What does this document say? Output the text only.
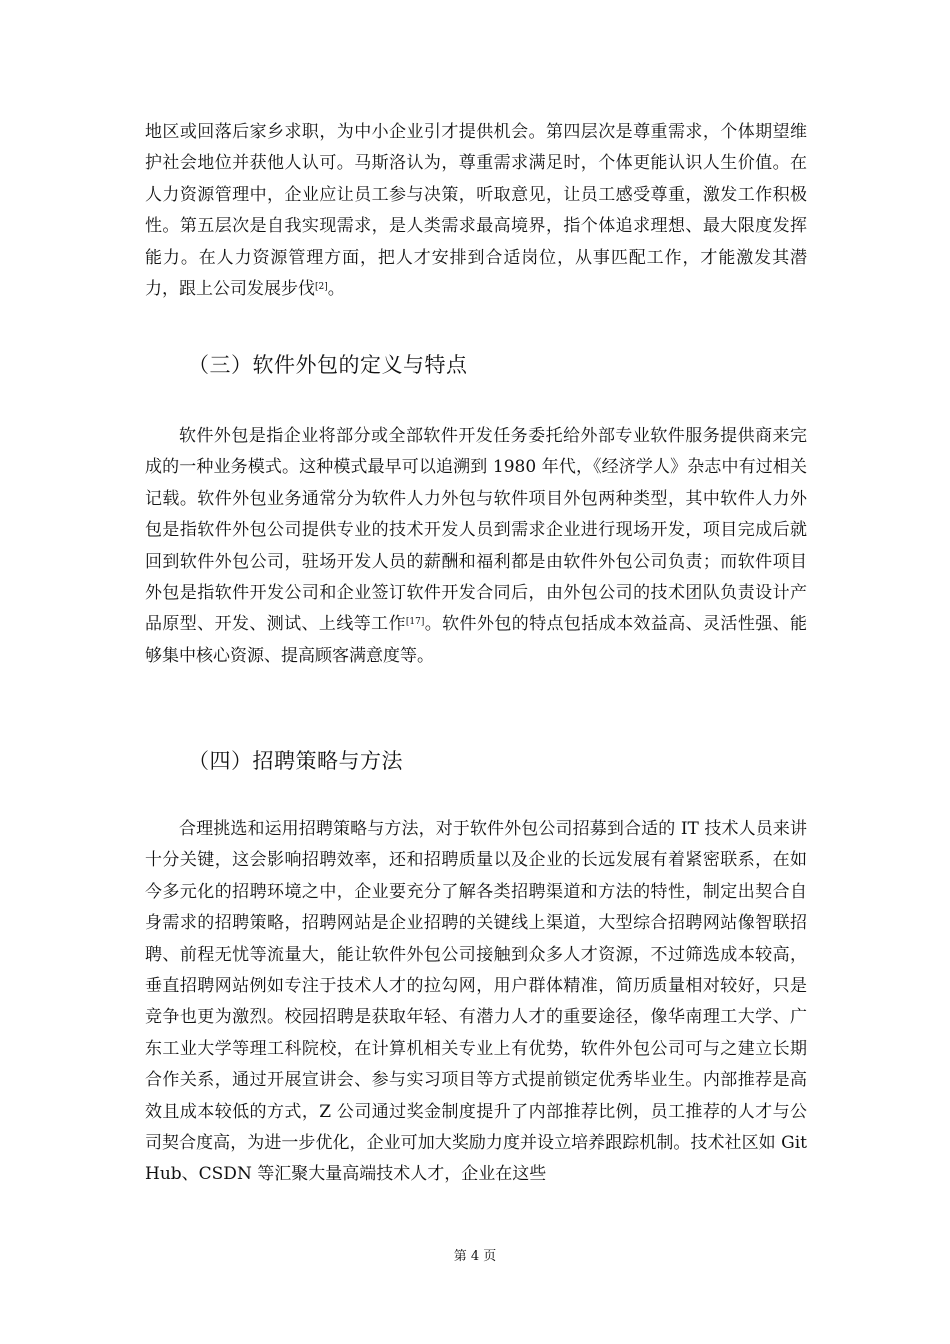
地区或回落后家乡求职，为中小企业引才提供机会。第四层次是尊重需求，个体期望维护社会地位并获他人认可。马斯洛认为，尊重需求满足时，个体更能认识人生价值。在人力资源管理中，企业应让员工参与决策，听取意见，让员工感受尊重，激发工作积极性。第五层次是自我实现需求，是人类需求最高境界，指个体追求理想、最大限度发挥能力。在人力资源管理方面，把人才安排到合适岗位，从事匹配工作，才能激发其潜力，跟上公司发展步伐[2]。

（三）软件外包的定义与特点

软件外包是指企业将部分或全部软件开发任务委托给外部专业软件服务提供商来完成的一种业务模式。这种模式最早可以追溯到 1980 年代，《经济学人》杂志中有过相关记载。软件外包业务通常分为软件人力外包与软件项目外包两种类型，其中软件人力外包是指软件外包公司提供专业的技术开发人员到需求企业进行现场开发，项目完成后就回到软件外包公司，驻场开发人员的薪酬和福利都是由软件外包公司负责；而软件项目外包是指软件开发公司和企业签订软件开发合同后，由外包公司的技术团队负责设计产品原型、开发、测试、上线等工作[17]。软件外包的特点包括成本效益高、灵活性强、能够集中核心资源、提高顾客满意度等。

（四）招聘策略与方法

合理挑选和运用招聘策略与方法，对于软件外包公司招募到合适的 IT 技术人员来讲十分关键，这会影响招聘效率，还和招聘质量以及企业的长远发展有着紧密联系，在如今多元化的招聘环境之中，企业要充分了解各类招聘渠道和方法的特性，制定出契合自身需求的招聘策略，招聘网站是企业招聘的关键线上渠道，大型综合招聘网站像智联招聘、前程无忧等流量大，能让软件外包公司接触到众多人才资源，不过筛选成本较高，垂直招聘网站例如专注于技术人才的拉勾网，用户群体精准，简历质量相对较好，只是竞争也更为激烈。校园招聘是获取年轻、有潜力人才的重要途径，像华南理工大学、广东工业大学等理工科院校，在计算机相关专业上有优势，软件外包公司可与之建立长期合作关系，通过开展宣讲会、参与实习项目等方式提前锁定优秀毕业生。内部推荐是高效且成本较低的方式，Z 公司通过奖金制度提升了内部推荐比例，员工推荐的人才与公司契合度高，为进一步优化，企业可加大奖励力度并设立培养跟踪机制。技术社区如 GitHub、CSDN 等汇聚大量高端技术人才，企业在这些

第 4 页
